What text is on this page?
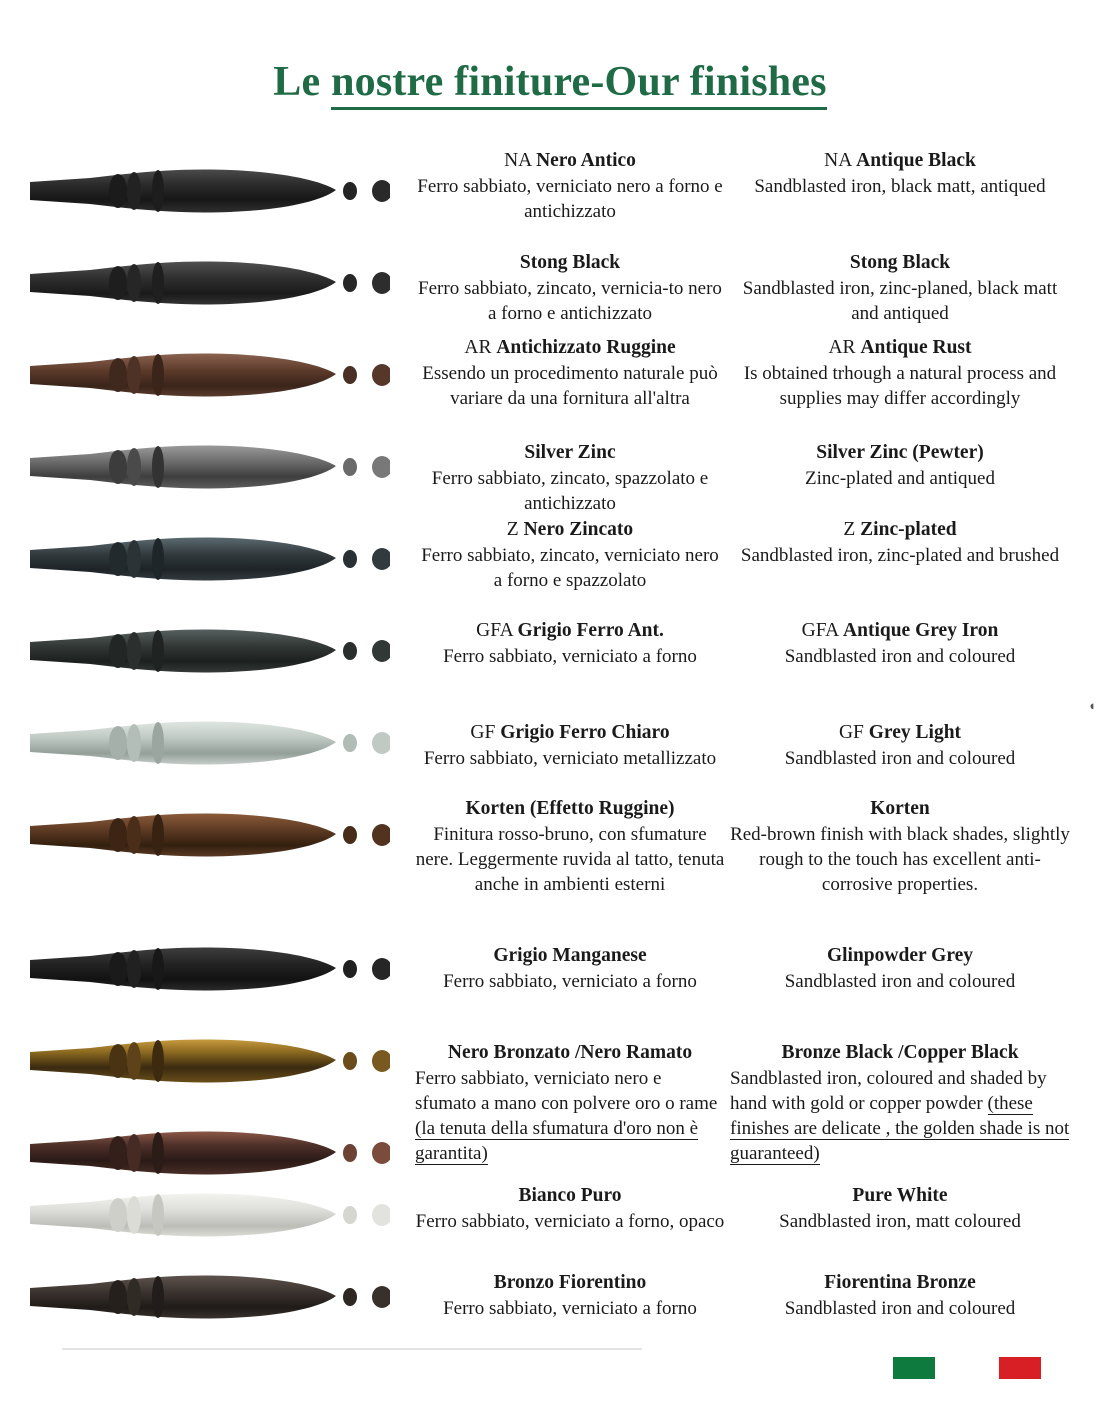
Le nostre finiture-Our finishes
NA Nero Antico
Ferro sabbiato, verniciato nero a forno e antichizzato
Stong Black
Ferro sabbiato, zincato, vernicia-to nero a forno e antichizzato
AR Antichizzato Ruggine
Essendo un procedimento naturale può variare da una fornitura all'altra
Silver Zinc
Ferro sabbiato, zincato, spazzolato e antichizzato
Z Nero Zincato
Ferro sabbiato, zincato, verniciato nero a forno e spazzolato
GFA Grigio Ferro Ant.
Ferro sabbiato, verniciato a forno
GF Grigio Ferro Chiaro
Ferro sabbiato, verniciato metallizzato
Korten (Effetto Ruggine)
Finitura rosso-bruno, con sfumature nere. Leggermente ruvida al tatto, tenuta anche in ambienti esterni
Grigio Manganese
Ferro sabbiato, verniciato a forno
Nero Bronzato /Nero Ramato
Ferro sabbiato, verniciato nero e sfumato a mano con polvere oro o rame (la tenuta della sfumatura d'oro non è garantita)
Bianco Puro
Ferro sabbiato, verniciato a forno, opaco
Bronzo Fiorentino
Ferro sabbiato, verniciato a forno
NA Antique Black
Sandblasted iron, black matt, antiqued
Stong Black
Sandblasted iron, zinc-planed, black matt and antiqued
AR Antique Rust
Is obtained trhough a natural process and supplies may differ accordingly
Silver Zinc (Pewter)
Zinc-plated and antiqued
Z Zinc-plated
Sandblasted iron, zinc-plated and brushed
GFA Antique Grey Iron
Sandblasted iron and coloured
GF Grey Light
Sandblasted iron and coloured
Korten
Red-brown finish with black shades, slightly rough to the touch has excellent anti-corrosive properties.
Glinpowder Grey
Sandblasted iron and coloured
Bronze Black /Copper Black
Sandblasted iron, coloured and shaded by hand with gold or copper powder (these finishes are delicate , the golden shade is not guaranteed)
Pure White
Sandblasted iron, matt coloured
Fiorentina Bronze
Sandblasted iron and coloured
◖
